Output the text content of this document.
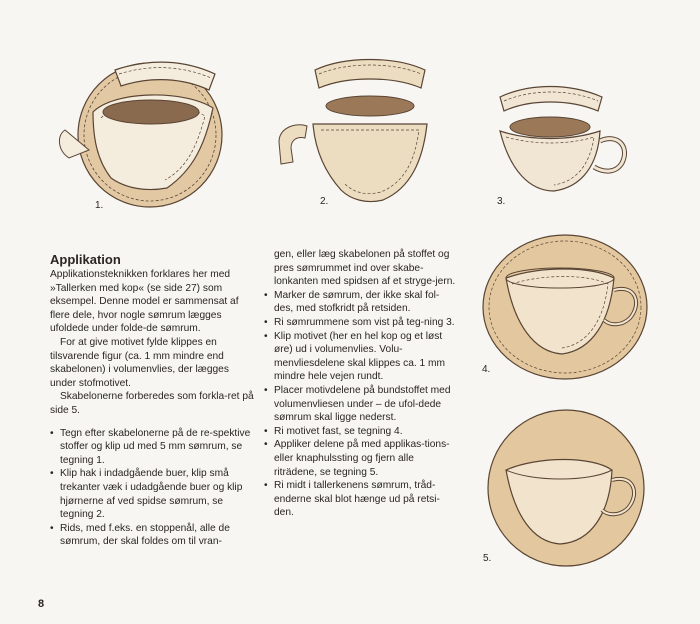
1.	2.	3.
4.
5.
Applikation

Applikationsteknikken forklares her med »Tallerken med kop« (se side 27) som eksempel. Denne model er sammensat af flere dele, hvor nogle sømrum lægges ufoldede under folde-de sømrum.

For at give motivet fylde klippes en tilsvarende figur (ca. 1 mm mindre end skabelonen) i volumenvlies, der lægges under stofmotivet.

Skabelonerne forberedes som forkla-ret på side 5.

• Tegn efter skabelonerne på de re-spektive stoffer og klip ud med 5 mm sømrum, se tegning 1.
• Klip hak i indadgående buer, klip små trekanter væk i udadgående buer og klip hjørnerne af ved spidse sømrum, se tegning 2.
• Rids, med f.eks. en stoppenål, alle de sømrum, der skal foldes om til vran-

gen, eller læg skabelonen på stoffet og pres sømrummet ind over skabe-lonkanten med spidsen af et stryge-jern.

• Marker de sømrum, der ikke skal fol-des, med stofkridt på retsiden.
• Ri sømrummene som vist på teg-ning 3.
• Klip motivet (her en hel kop og et løst øre) ud i volumenvlies. Volu-menvliesdelene skal klippes ca. 1 mm mindre hele vejen rundt.
• Placer motivdelene på bundstoffet med volumenvliesen under – de ufol-dede sømrum skal ligge nederst.
• Ri motivet fast, se tegning 4.
• Appliker delene på med applikas-tions- eller knaphulssting og fjern alle riträdene, se tegning 5.
• Ri midt i tallerkenens sømrum, tråd-enderne skal blot hænge ud på retsi-den.
8
